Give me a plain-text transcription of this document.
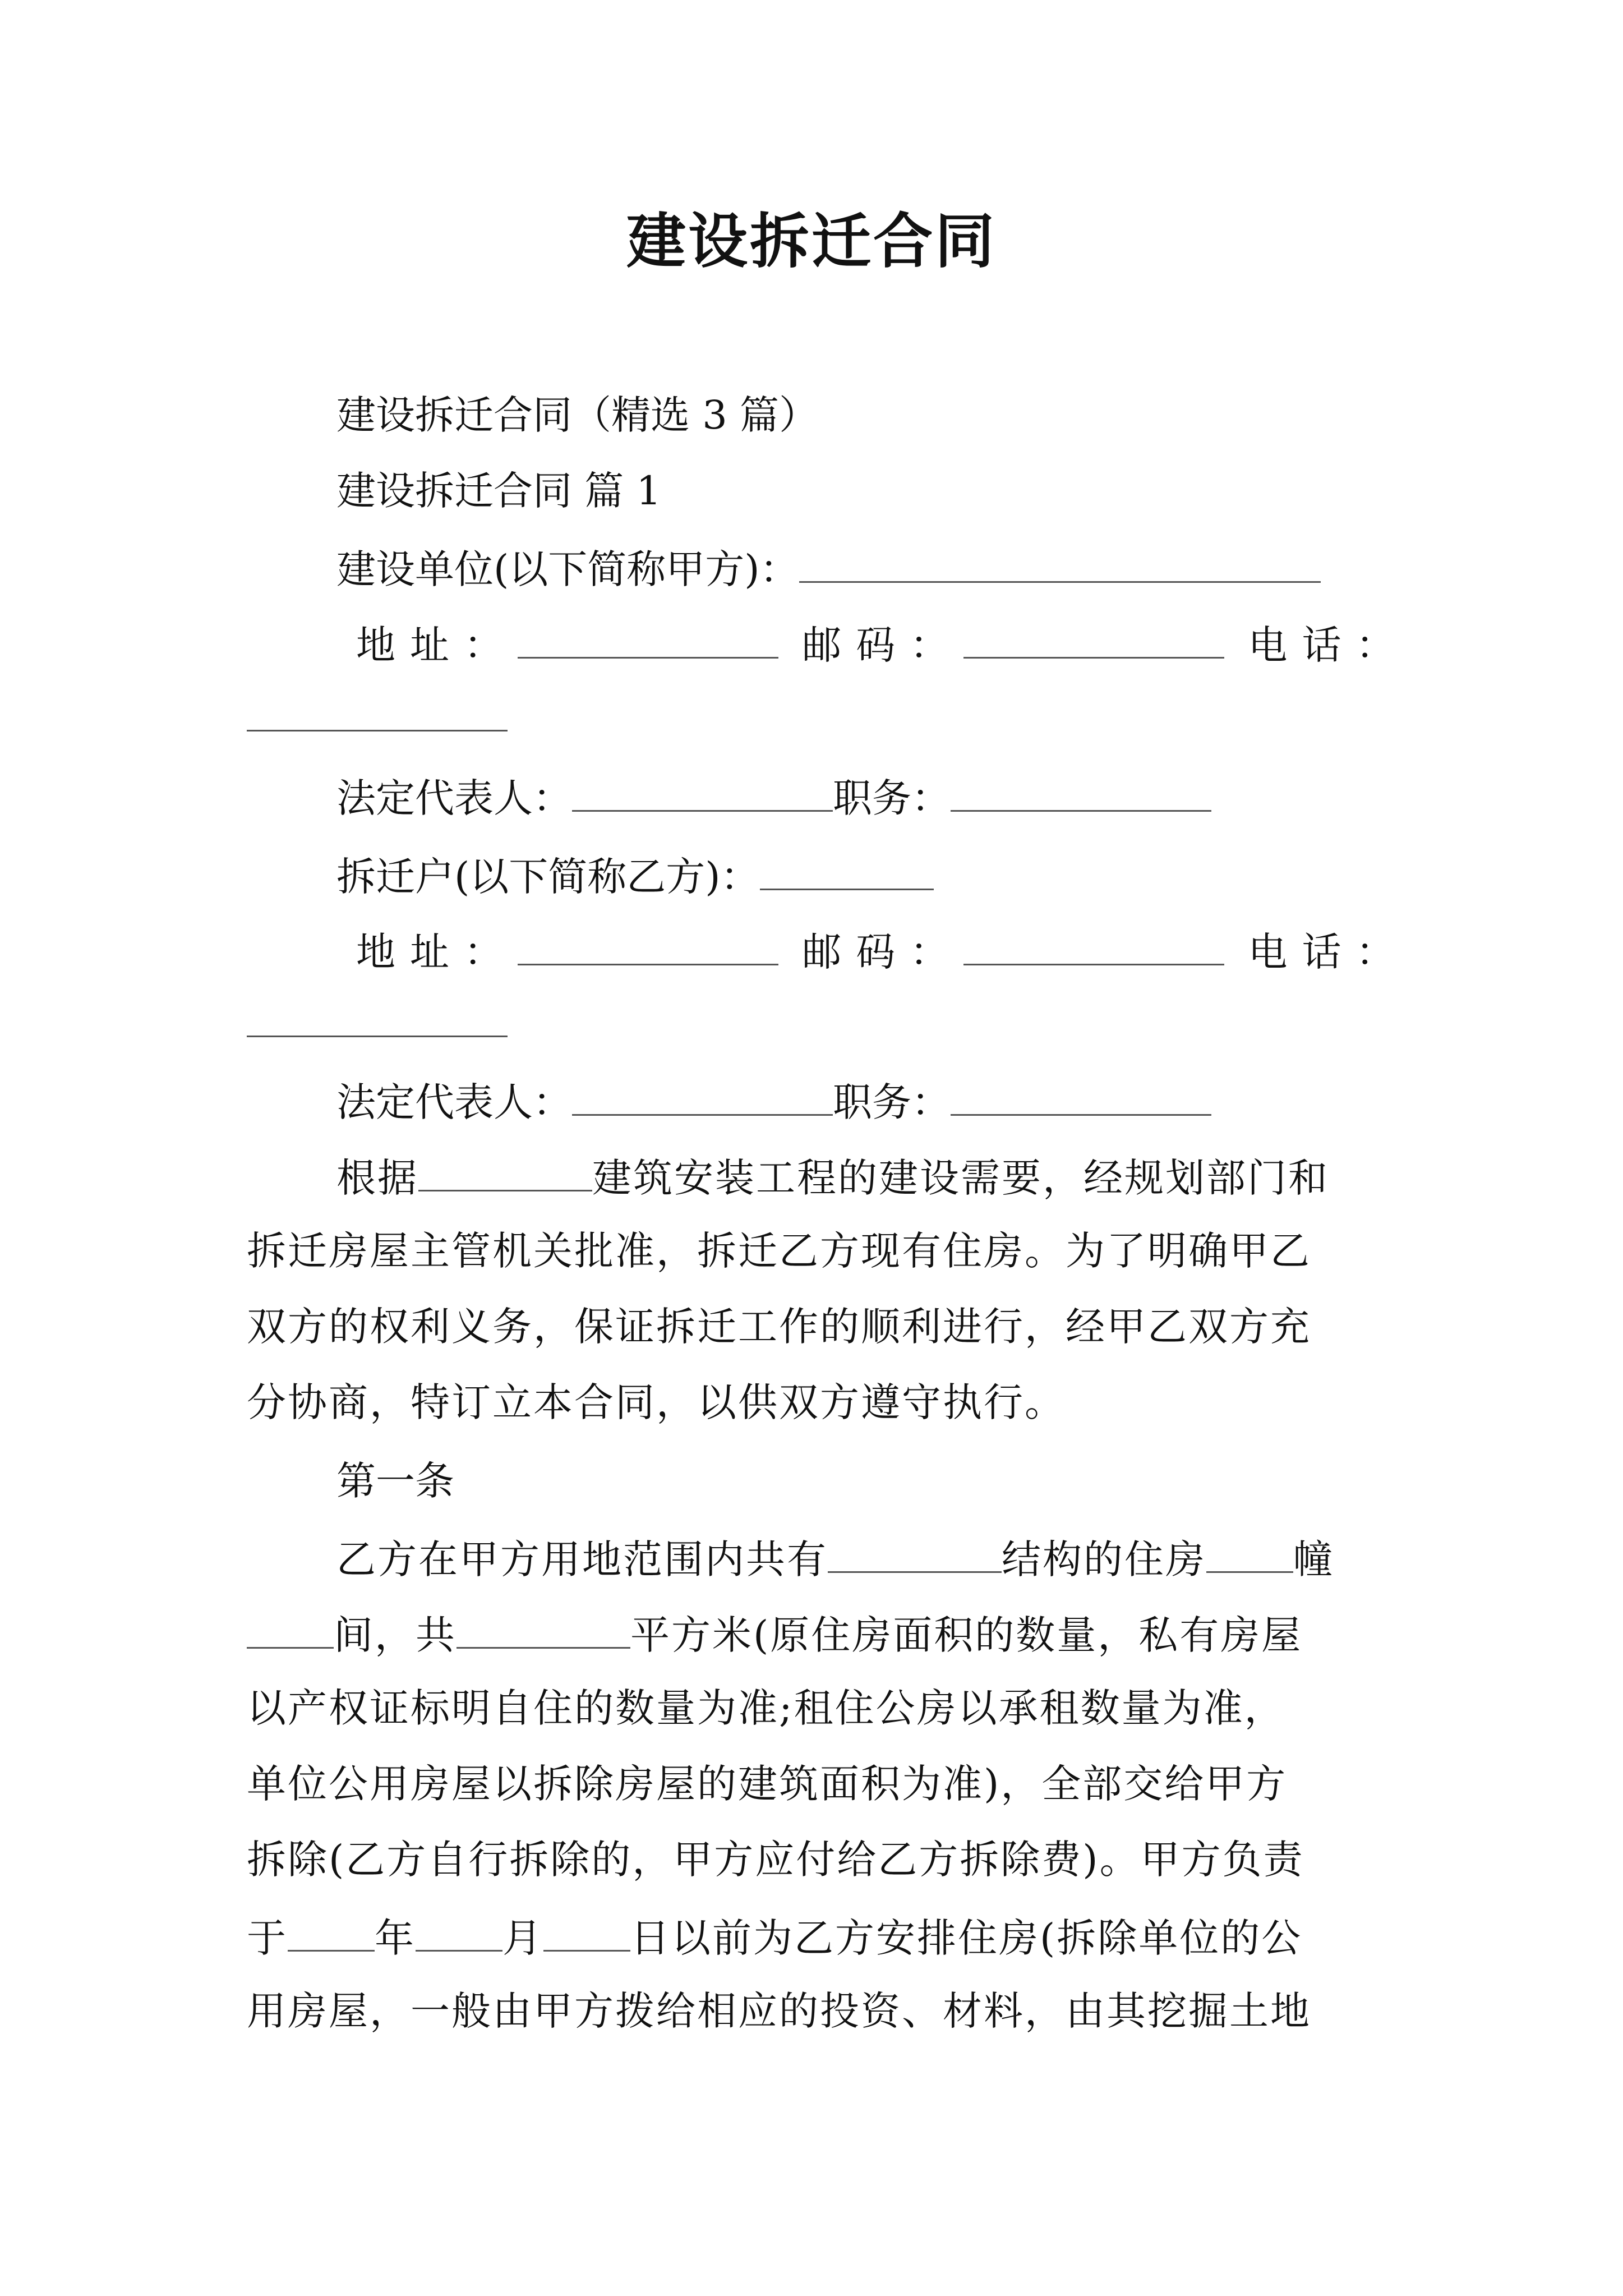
建设拆迁合同
建设拆迁合同（精选 3 篇）
建设拆迁合同 篇 1
建设单位(以下简称甲方)：
地址：	邮码：	电话：
法定代表人：	职务：
拆迁户(以下简称乙方)：
地址：	邮码：	电话：
法定代表人：	职务：
根据	建筑安装工程的建设需要，经规划部门和
拆迁房屋主管机关批准，拆迁乙方现有住房。为了明确甲乙
双方的权利义务，保证拆迁工作的顺利进行，经甲乙双方充
分协商，特订立本合同，以供双方遵守执行。
第一条
乙方在甲方用地范围内共有	结构的住房 幢
间，共	平方米(原住房面积的数量，私有房屋
以产权证标明自住的数量为准;租住公房以承租数量为准，
单位公用房屋以拆除房屋的建筑面积为准)，全部交给甲方
拆除(乙方自行拆除的，甲方应付给乙方拆除费)。甲方负责
于 年 月 日以前为乙方安排住房(拆除单位的公
用房屋，一般由甲方拨给相应的投资、材料，由其挖掘土地
